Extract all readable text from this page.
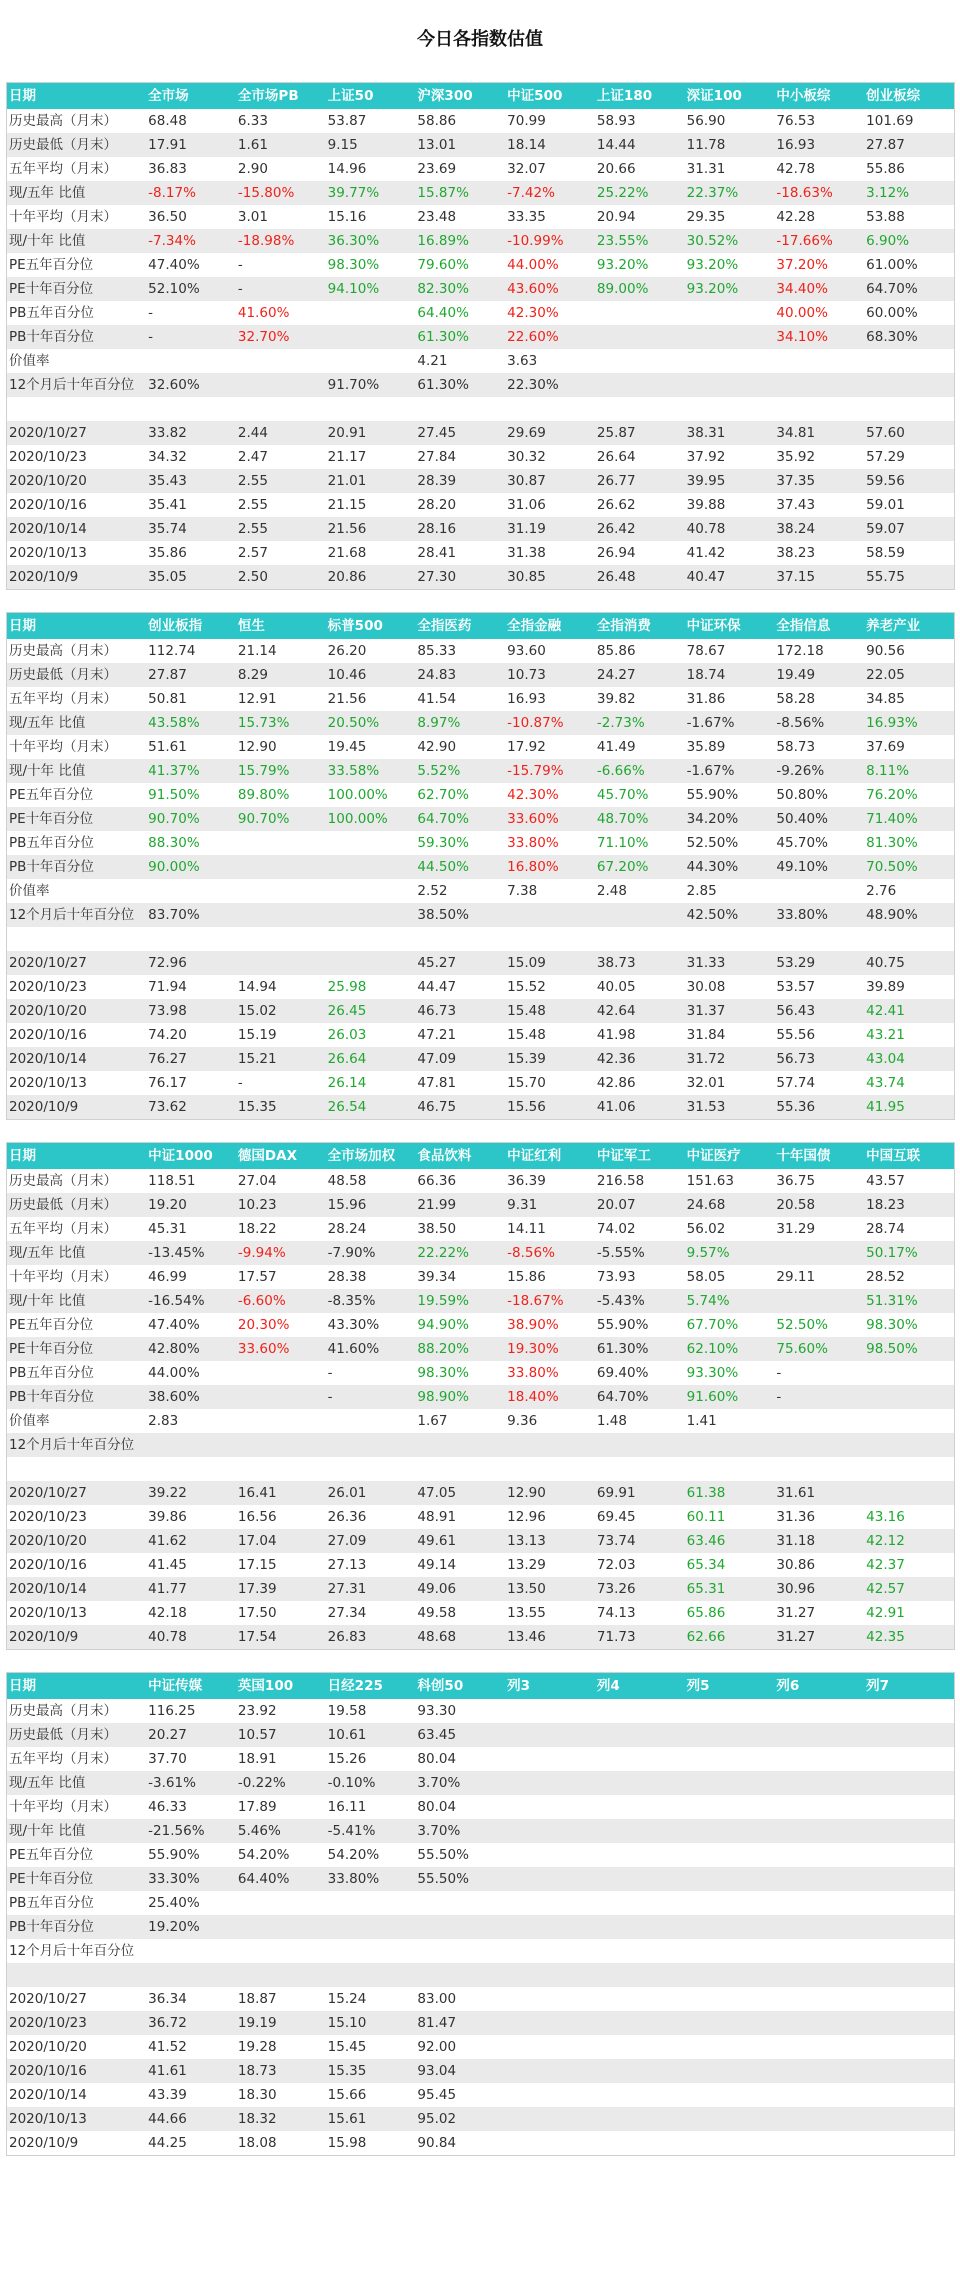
今日各指数估值
日期	全市场	全市场PB	上证50	沪深300	中证500	上证180	深证100	中小板综	创业板综
历史最高（月末）	68.48	6.33	53.87	58.86	70.99	58.93	56.90	76.53	101.69
历史最低（月末）	17.91	1.61	9.15	13.01	18.14	14.44	11.78	16.93	27.87
五年平均（月末）	36.83	2.90	14.96	23.69	32.07	20.66	31.31	42.78	55.86
现/五年 比值	-8.17%	-15.80%	39.77%	15.87%	-7.42%	25.22%	22.37%	-18.63%	3.12%
十年平均（月末）	36.50	3.01	15.16	23.48	33.35	20.94	29.35	42.28	53.88
现/十年 比值	-7.34%	-18.98%	36.30%	16.89%	-10.99%	23.55%	30.52%	-17.66%	6.90%
PE五年百分位	47.40%	-	98.30%	79.60%	44.00%	93.20%	93.20%	37.20%	61.00%
PE十年百分位	52.10%	-	94.10%	82.30%	43.60%	89.00%	93.20%	34.40%	64.70%
PB五年百分位	-	41.60%		64.40%	42.30%			40.00%	60.00%
PB十年百分位	-	32.70%		61.30%	22.60%			34.10%	68.30%
价值率				4.21	3.63				
12个月后十年百分位	32.60%		91.70%	61.30%	22.30%				

2020/10/27	33.82	2.44	20.91	27.45	29.69	25.87	38.31	34.81	57.60
2020/10/23	34.32	2.47	21.17	27.84	30.32	26.64	37.92	35.92	57.29
2020/10/20	35.43	2.55	21.01	28.39	30.87	26.77	39.95	37.35	59.56
2020/10/16	35.41	2.55	21.15	28.20	31.06	26.62	39.88	37.43	59.01
2020/10/14	35.74	2.55	21.56	28.16	31.19	26.42	40.78	38.24	59.07
2020/10/13	35.86	2.57	21.68	28.41	31.38	26.94	41.42	38.23	58.59
2020/10/9	35.05	2.50	20.86	27.30	30.85	26.48	40.47	37.15	55.75
日期	创业板指	恒生	标普500	全指医药	全指金融	全指消费	中证环保	全指信息	养老产业
历史最高（月末）	112.74	21.14	26.20	85.33	93.60	85.86	78.67	172.18	90.56
历史最低（月末）	27.87	8.29	10.46	24.83	10.73	24.27	18.74	19.49	22.05
五年平均（月末）	50.81	12.91	21.56	41.54	16.93	39.82	31.86	58.28	34.85
现/五年 比值	43.58%	15.73%	20.50%	8.97%	-10.87%	-2.73%	-1.67%	-8.56%	16.93%
十年平均（月末）	51.61	12.90	19.45	42.90	17.92	41.49	35.89	58.73	37.69
现/十年 比值	41.37%	15.79%	33.58%	5.52%	-15.79%	-6.66%	-1.67%	-9.26%	8.11%
PE五年百分位	91.50%	89.80%	100.00%	62.70%	42.30%	45.70%	55.90%	50.80%	76.20%
PE十年百分位	90.70%	90.70%	100.00%	64.70%	33.60%	48.70%	34.20%	50.40%	71.40%
PB五年百分位	88.30%			59.30%	33.80%	71.10%	52.50%	45.70%	81.30%
PB十年百分位	90.00%			44.50%	16.80%	67.20%	44.30%	49.10%	70.50%
价值率				2.52	7.38	2.48	2.85		2.76
12个月后十年百分位	83.70%			38.50%			42.50%	33.80%	48.90%

2020/10/27	72.96			45.27	15.09	38.73	31.33	53.29	40.75
2020/10/23	71.94	14.94	25.98	44.47	15.52	40.05	30.08	53.57	39.89
2020/10/20	73.98	15.02	26.45	46.73	15.48	42.64	31.37	56.43	42.41
2020/10/16	74.20	15.19	26.03	47.21	15.48	41.98	31.84	55.56	43.21
2020/10/14	76.27	15.21	26.64	47.09	15.39	42.36	31.72	56.73	43.04
2020/10/13	76.17	-	26.14	47.81	15.70	42.86	32.01	57.74	43.74
2020/10/9	73.62	15.35	26.54	46.75	15.56	41.06	31.53	55.36	41.95
日期	中证1000	德国DAX	全市场加权	食品饮料	中证红利	中证军工	中证医疗	十年国债	中国互联
历史最高（月末）	118.51	27.04	48.58	66.36	36.39	216.58	151.63	36.75	43.57
历史最低（月末）	19.20	10.23	15.96	21.99	9.31	20.07	24.68	20.58	18.23
五年平均（月末）	45.31	18.22	28.24	38.50	14.11	74.02	56.02	31.29	28.74
现/五年 比值	-13.45%	-9.94%	-7.90%	22.22%	-8.56%	-5.55%	9.57%		50.17%
十年平均（月末）	46.99	17.57	28.38	39.34	15.86	73.93	58.05	29.11	28.52
现/十年 比值	-16.54%	-6.60%	-8.35%	19.59%	-18.67%	-5.43%	5.74%		51.31%
PE五年百分位	47.40%	20.30%	43.30%	94.90%	38.90%	55.90%	67.70%	52.50%	98.30%
PE十年百分位	42.80%	33.60%	41.60%	88.20%	19.30%	61.30%	62.10%	75.60%	98.50%
PB五年百分位	44.00%		-	98.30%	33.80%	69.40%	93.30%	-	
PB十年百分位	38.60%		-	98.90%	18.40%	64.70%	91.60%	-	
价值率	2.83			1.67	9.36	1.48	1.41		
12个月后十年百分位									

2020/10/27	39.22	16.41	26.01	47.05	12.90	69.91	61.38	31.61	
2020/10/23	39.86	16.56	26.36	48.91	12.96	69.45	60.11	31.36	43.16
2020/10/20	41.62	17.04	27.09	49.61	13.13	73.74	63.46	31.18	42.12
2020/10/16	41.45	17.15	27.13	49.14	13.29	72.03	65.34	30.86	42.37
2020/10/14	41.77	17.39	27.31	49.06	13.50	73.26	65.31	30.96	42.57
2020/10/13	42.18	17.50	27.34	49.58	13.55	74.13	65.86	31.27	42.91
2020/10/9	40.78	17.54	26.83	48.68	13.46	71.73	62.66	31.27	42.35
日期	中证传媒	英国100	日经225	科创50	列3	列4	列5	列6	列7
历史最高（月末）	116.25	23.92	19.58	93.30					
历史最低（月末）	20.27	10.57	10.61	63.45					
五年平均（月末）	37.70	18.91	15.26	80.04					
现/五年 比值	-3.61%	-0.22%	-0.10%	3.70%					
十年平均（月末）	46.33	17.89	16.11	80.04					
现/十年 比值	-21.56%	5.46%	-5.41%	3.70%					
PE五年百分位	55.90%	54.20%	54.20%	55.50%					
PE十年百分位	33.30%	64.40%	33.80%	55.50%					
PB五年百分位	25.40%								
PB十年百分位	19.20%								
12个月后十年百分位									

2020/10/27	36.34	18.87	15.24	83.00					
2020/10/23	36.72	19.19	15.10	81.47					
2020/10/20	41.52	19.28	15.45	92.00					
2020/10/16	41.61	18.73	15.35	93.04					
2020/10/14	43.39	18.30	15.66	95.45					
2020/10/13	44.66	18.32	15.61	95.02					
2020/10/9	44.25	18.08	15.98	90.84					
